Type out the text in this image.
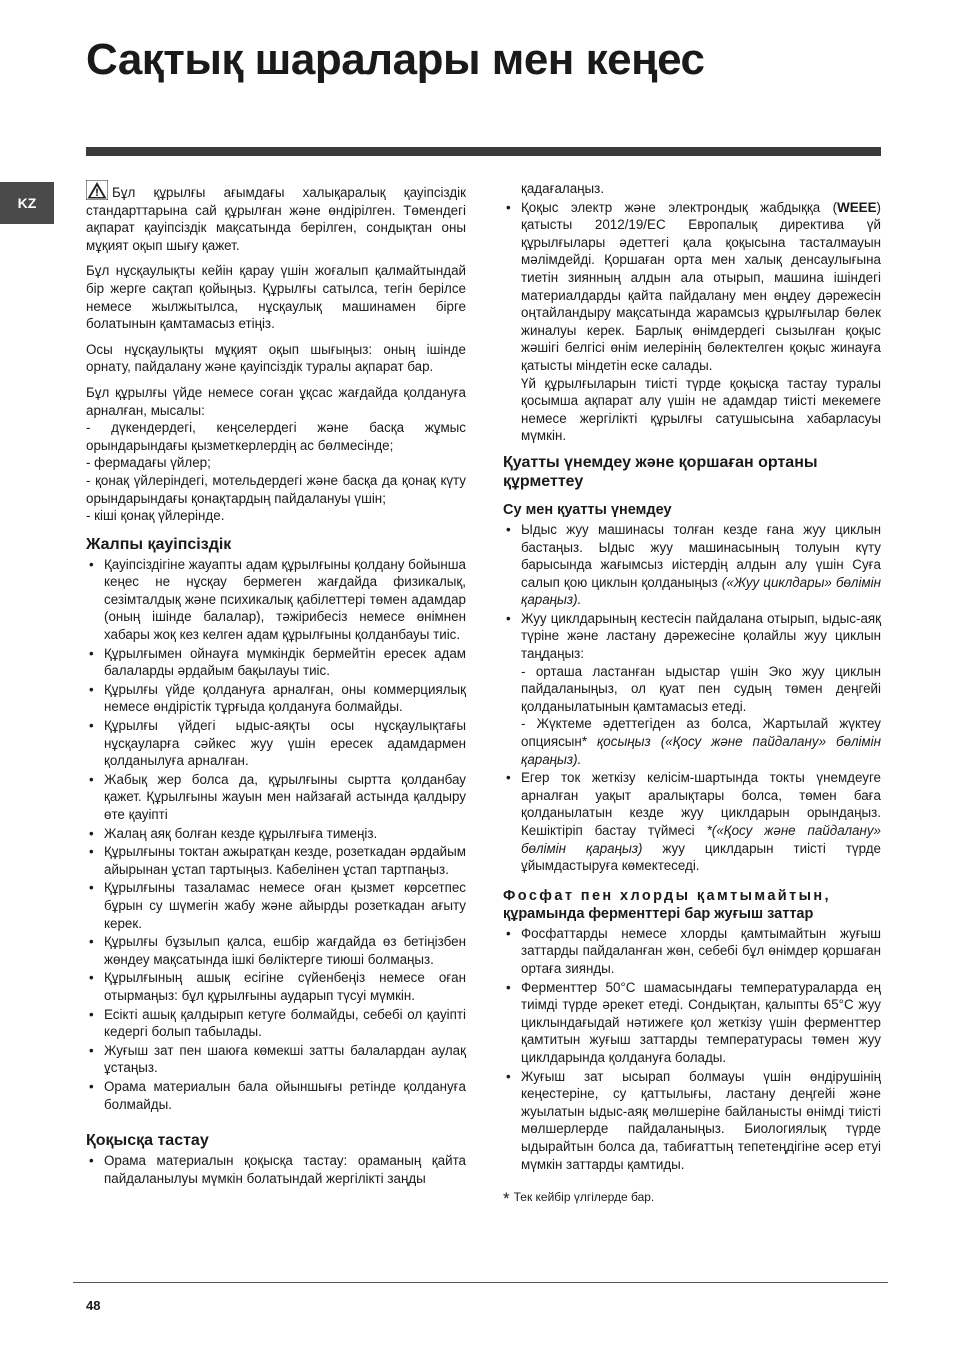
Сақтық шаралары мен кеңес
KZ

Бұл құрылғы ағымдағы халықаралық қауіпсіздік стандарттарына сай құрылған және өндірілген. Төмендегі ақпарат қауіпсіздік мақсатында берілген, сондықтан оны мұқият оқып шығу қажет.

Бұл нұсқаулықты кейін қарау үшін жоғалып қалмайтындай бір жерге сақтап қойыңыз. Құрылғы сатылса, тегін берілсе немесе жылжытылса, нұсқаулық машинамен бірге болатынын қамтамасыз етіңіз.

Осы нұсқаулықты мұқият оқып шығыңыз: оның ішінде орнату, пайдалану және қауіпсіздік туралы ақпарат бар.

Бұл құрылғы үйде немесе соған ұқсас жағдайда қолдануға арналған, мысалы:
- дүкендердегі, кеңселердегі және басқа жұмыс орындарындағы қызметкерлердің ас бөлмесінде;
- фермадағы үйлер;
- қонақ үйлеріндегі, мотельдердегі және басқа да қонақ күту орындарындағы қонақтардың пайдалануы үшін;
- кіші қонақ үйлерінде.
Жалпы қауіпсіздік
• Қауіпсіздігіне жауапты адам құрылғыны қолдану бойынша кеңес не нұсқау бермеген жағдайда физикалық, сезімталдық және психикалық қабілеттері төмен адамдар (оның ішінде балалар), тәжірибесіз немесе өнімнен хабары жоқ кез келген адам құрылғыны қолданбауы тиіс.
• Құрылғымен ойнауға мүмкіндік бермейтін ересек адам балаларды әрдайым бақылауы тиіс.
• Құрылғы үйде қолдануға арналған, оны коммерциялық немесе өндірістік тұрғыда қолдануға болмайды.
• Құрылғы үйдегі ыдыс-аяқты осы нұсқаулықтағы нұсқауларға сәйкес жуу үшін ересек адамдармен қолданылуға арналған.
• Жабық жер болса да, құрылғыны сыртта қолданбау қажет. Құрылғыны жауын мен найзағай астында қалдыру өте қауіпті
• Жалаң аяқ болған кезде құрылғыға тимеңіз.
• Құрылғыны токтан ажыратқан кезде, розеткадан әрдайым айырынан ұстап тартыңыз. Кабелінен ұстап тартпаңыз.
• Құрылғыны тазаламас немесе оған қызмет көрсетпес бұрын су шүмегін жабу және айырды розеткадан ағыту керек.
• Құрылғы бұзылып қалса, ешбір жағдайда өз бетіңізбен жөндеу мақсатында ішкі бөліктерге тиюші болмаңыз.
• Құрылғының ашық есігіне сүйенбеңіз немесе оған отырмаңыз: бұл құрылғыны аударып түсуі мүмкін.
• Есікті ашық қалдырып кетуге болмайды, себебі ол қауіпті кедергі болып табылады.
• Жуғыш зат пен шаюға көмекші затты балалардан аулақ ұстаңыз.
• Орама материалын бала ойыншығы ретінде қолдануға болмайды.
Қоқысқа тастау
• Орама материалын қоқысқа тастау: ораманың қайта пайдаланылуы мүмкін болатындай жергілікті заңды
қадағалаңыз.
• Қоқыс электр және электрондық жабдыққа (WEEE) қатысты 2012/19/EC Европалық директива үй құрылғылары әдеттегі қала қоқысына тасталмауын мәлімдейді. Қоршаған орта мен халық денсаулығына тиетін зиянның алдын ала отырып, машина ішіндегі материалдарды қайта пайдалану мен өңдеу дәрежесін оңтайландыру мақсатында жарамсыз құрылғылар бөлек жиналуы керек. Барлық өнімдердегі сызылған қоқыс жәшігі белгісі өнім иелерінің бөлектелген қоқыс жинауға қатысты міндетін еске салады.
Үй құрылғыларын тиісті түрде қоқысқа тастау туралы қосымша ақпарат алу үшін не адамдар тиісті мекемеге немесе жергілікті құрылғы сатушысына хабарласуы мүмкін.
Қуатты үнемдеу және қоршаған ортаны құрметтеу
Су мен қуатты үнемдеу
• Ыдыс жуу машинасы толған кезде ғана жуу циклын бастаңыз. Ыдыс жуу машинасының толуын күту барысында жағымсыз иістердің алдын алу үшін Суға салып қою циклын қолданыңыз («Жуу циклдары» бөлімін қараңыз).
• Жуу циклдарының кестесін пайдалана отырып, ыдыс-аяқ түріне және ластану дәрежесіне қолайлы жуу циклын таңдаңыз:
- орташа ластанған ыдыстар үшін Эко жуу циклын пайдаланыңыз, ол қуат пен судың төмен деңгейі қолданылатынын қамтамасыз етеді.
- Жүктеме әдеттегіден аз болса, Жартылай жүктеу опциясын* қосыңыз («Қосу және пайдалану» бөлімін қараңыз).
• Егер ток жеткізу келісім-шартында токты үнемдеуге арналған уақыт аралықтары болса, төмен баға қолданылатын кезде жуу циклдарын орындаңыз. Кешіктіріп бастау түймесі *(«Қосу және пайдалану» бөлімін қараңыз) жуу циклдарын тиісті түрде ұйымдастыруға көмектеседі.
Фосфат пен хлорды қамтымайтын,
құрамында ферменттері бар жуғыш заттар
• Фосфаттарды немесе хлорды қамтымайтын жуғыш заттарды пайдаланған жөн, себебі бұл өнімдер қоршаған ортаға зиянды.
• Ферменттер 50°C шамасындағы температураларда ең тиімді түрде әрекет етеді. Сондықтан, қалыпты 65°C жуу циклындағыдай нәтижеге қол жеткізу үшін ферменттер қамтитын жуғыш заттарды температурасы төмен жуу циклдарында қолдануға болады.
• Жуғыш зат ысырап болмауы үшін өндірушінің кеңестеріне, су қаттылығы, ластану деңгейі және жуылатын ыдыс-аяқ мөлшеріне байланысты өнімді тиісті мөлшерлерде пайдаланыңыз. Биологиялық түрде ыдырайтын болса да, табиғаттың тепетеңдігіне әсер етуі мүмкін заттарды қамтиды.
* Тек кейбір үлгілерде бар.
48
